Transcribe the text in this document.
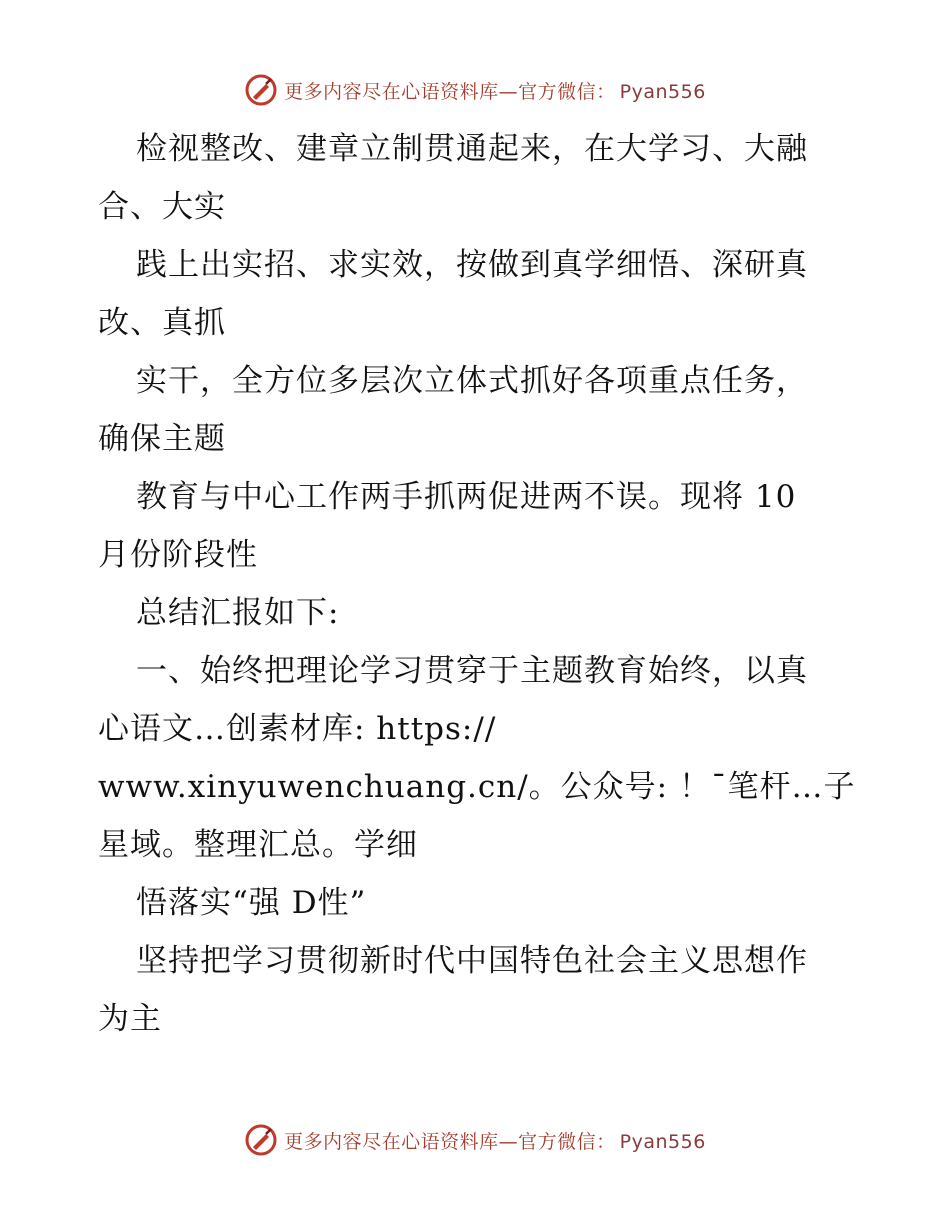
更多内容尽在心语资料库—官方微信： Pyan556
检视整改、建章立制贯通起来，在大学习、大融
合、大实
践上出实招、求实效，按做到真学细悟、深研真
改、真抓
实干，全方位多层次立体式抓好各项重点任务，
确保主题
教育与中心工作两手抓两促进两不误。现将 10
月份阶段性
总结汇报如下:
一、始终把理论学习贯穿于主题教育始终，以真
心语文…创素材库: https://
www.xinyuwenchuang.cn/。公众号: ！¯笔杆…子
星域。整理汇总。学细
悟落实“强 D性”
坚持把学习贯彻新时代中国特色社会主义思想作
为主
更多内容尽在心语资料库—官方微信： Pyan556
